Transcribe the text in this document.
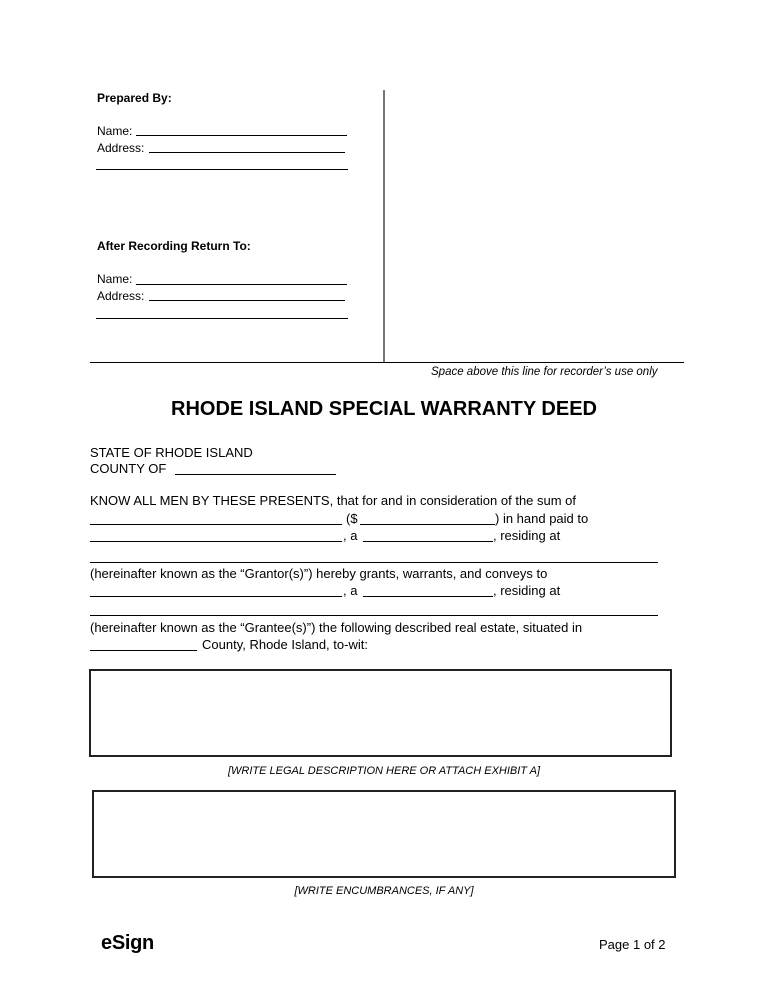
Prepared By:
Name:
Address:
After Recording Return To:
Name:
Address:
Space above this line for recorder’s use only
RHODE ISLAND SPECIAL WARRANTY DEED
STATE OF RHODE ISLAND
COUNTY OF
KNOW ALL MEN BY THESE PRESENTS, that for and in consideration of the sum of
($	) in hand paid to
, a	, residing at
(hereinafter known as the “Grantor(s)”) hereby grants, warrants, and conveys to
, a	, residing at
(hereinafter known as the “Grantee(s)”) the following described real estate, situated in
County, Rhode Island, to-wit:
[WRITE LEGAL DESCRIPTION HERE OR ATTACH EXHIBIT A]
[WRITE ENCUMBRANCES, IF ANY]
eSign	Page 1 of 2
